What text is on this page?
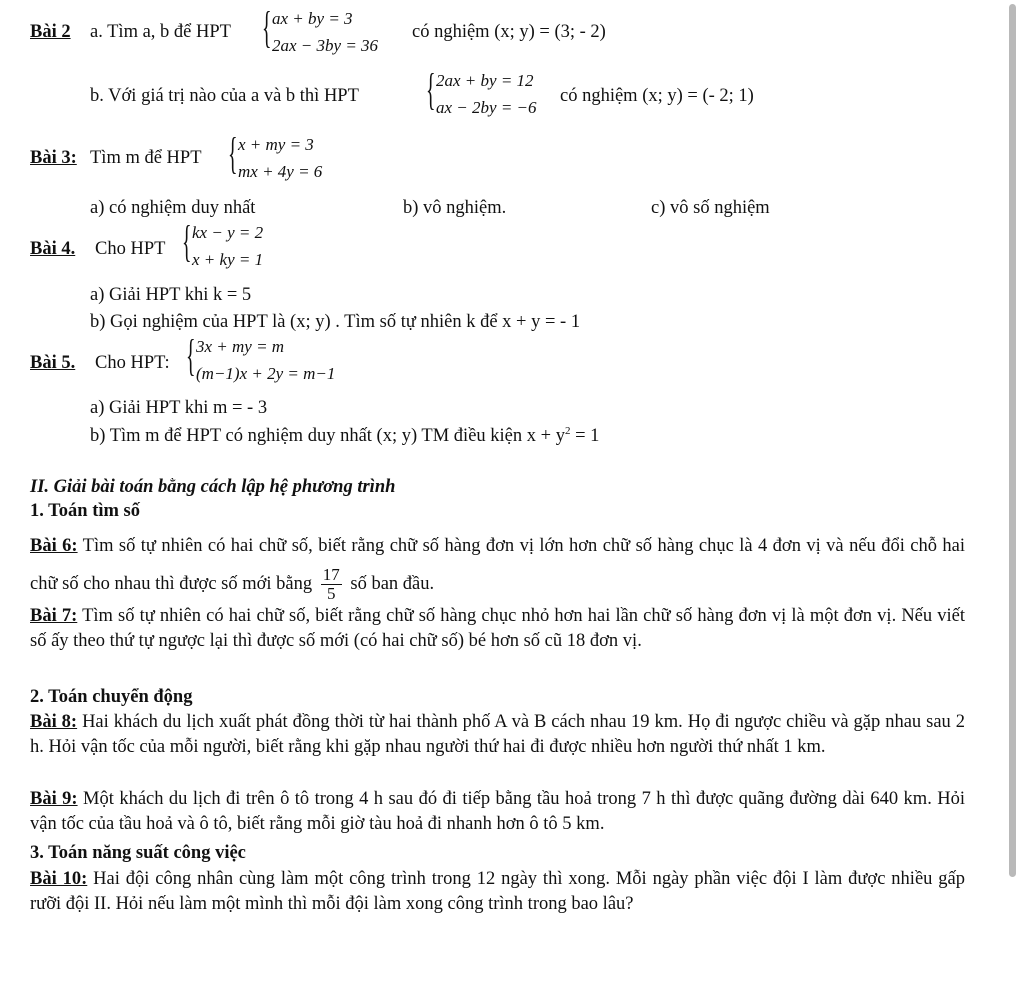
Bài 2 a. Tìm a, b để HPT { ax + by = 3
2ax − 3by = 36
có nghiệm (x; y) = (3; - 2)
b. Với giá trị nào của a và b thì HPT { 2ax + by = 12
ax − 2by = −6
có nghiệm (x; y) = (- 2; 1)
Bài 3: Tìm m để HPT { x + my = 3
mx + 4y = 6
a) có nghiệm duy nhất	b) vô nghiệm.	c) vô số nghiệm
Bài 4. Cho HPT { kx − y = 2
x + ky = 1
a) Giải HPT khi k = 5
b) Gọi nghiệm của HPT là (x; y) . Tìm số tự nhiên k để x + y = - 1
Bài 5. Cho HPT: { 3x + my = m
(m−1)x + 2y = m−1
a) Giải HPT khi m = - 3
b) Tìm m để HPT có nghiệm duy nhất (x; y) TM điều kiện $x + y^2 = 1$
II. Giải bài toán bằng cách lập hệ phương trình
1. Toán tìm số
Bài 6: Tìm số tự nhiên có hai chữ số, biết rằng chữ số hàng đơn vị lớn hơn chữ số hàng chục là 4 đơn vị và nếu đổi chỗ hai chữ số cho nhau thì được số mới bằng $\frac{17}{5}$ số ban đầu.
Bài 7: Tìm số tự nhiên có hai chữ số, biết rằng chữ số hàng chục nhỏ hơn hai lần chữ số hàng đơn vị là một đơn vị. Nếu viết số ấy theo thứ tự ngược lại thì được số mới (có hai chữ số) bé hơn số cũ 18 đơn vị.
2. Toán chuyển động
Bài 8: Hai khách du lịch xuất phát đồng thời từ hai thành phố A và B cách nhau 19 km. Họ đi ngược chiều và gặp nhau sau 2 h. Hỏi vận tốc của mỗi người, biết rằng khi gặp nhau người thứ hai đi được nhiều hơn người thứ nhất 1 km.
Bài 9: Một khách du lịch đi trên ô tô trong 4 h sau đó đi tiếp bằng tầu hoả trong 7 h thì được quãng đường dài 640 km. Hỏi vận tốc của tầu hoả và ô tô, biết rằng mỗi giờ tàu hoả đi nhanh hơn ô tô 5 km.
3. Toán năng suất công việc
Bài 10: Hai đội công nhân cùng làm một công trình trong 12 ngày thì xong. Mỗi ngày phần việc đội I làm được nhiều gấp rưỡi đội II. Hỏi nếu làm một mình thì mỗi đội làm xong công trình trong bao lâu?
